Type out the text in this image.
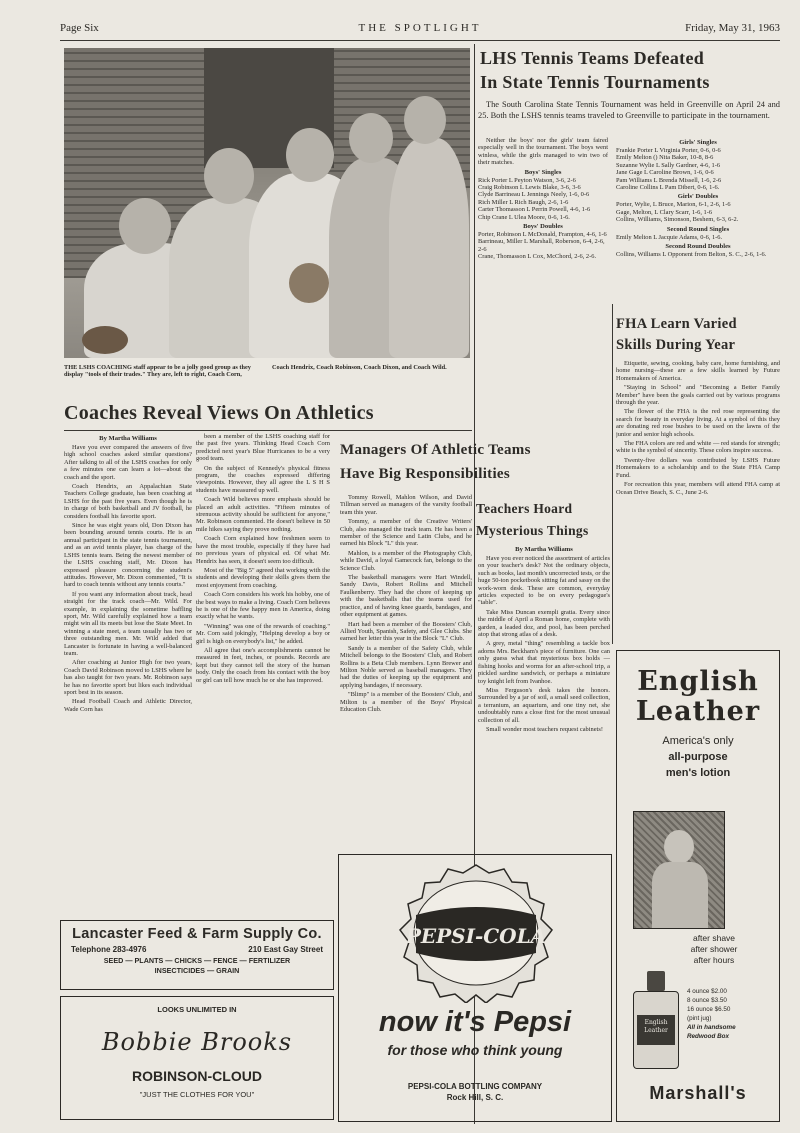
Page Six	THE SPOTLIGHT	Friday, May 31, 1963
THE LSHS COACHING staff appear to be a jolly good group as they display "tools of their trades." They are, left to right, Coach Corn,
Coach Hendrix, Coach Robinson, Coach Dixon, and Coach Wild.
LHS Tennis Teams Defeated
In State Tennis Tournaments

The South Carolina State Tennis Tournament was held in Greenville on April 24 and 25. Both the LSHS tennis teams traveled to Greenville to participate in the tournament.

Neither the boys' nor the girls' team faired especially well in the tournament. The boys went winless, while the girls managed to win two of their matches.

Boys' Singles
Rick Porter L Peyton Watson, 3-6, 2-6
Craig Robinson L Lewis Blake, 3-6, 3-6
Clyde Barrineau L Jennings Neely, 1-6, 0-6
Rich Miller L Rich Baugh, 2-6, 1-6
Carter Thomasson L Perrin Powell, 4-6, 1-6
Chip Crane L Ulea Moore, 0-6, 1-6.
Boys' Doubles
Porter, Robinson L McDonald, Frampton, 4-6, 1-6
Barrineau, Miller L Marshall, Roberson, 6-4, 2-6, 2-6
Crane, Thomasson L Cox, McChord, 2-6, 2-6.
Girls' Singles
Frankie Porter L Virginia Porter, 0-6, 0-6
Emily Melton () Nita Baker, 10-8, 8-6
Suzanne Wylie L Sally Gardner, 4-6, 1-6
Jane Gage L Caroline Brown, 1-6, 0-6
Pam Williams L Brenda Missell, 1-6, 2-6
Caroline Collins L Pam Dibert, 0-6, 1-6.
Girls' Doubles
Porter, Wylie, L Bruce, Marion, 6-1, 2-6, 1-6
Gage, Melton, L Clary Scarr, 1-6, 1-6
Collins, Williams, Simonson, Beshem, 6-3, 6-2.
Second Round Singles
Emily Melton L Jacquie Adams, 0-6, 1-6.
Second Round Doubles
Collins, Williams L Opponent from Belton, S. C., 2-6, 1-6.
FHA Learn Varied
Skills During Year

Etiquette, sewing, cooking, baby care, home furnishing, and home nursing—these are a few skills learned by Future Homemakers of America.

"Staying in School" and "Becoming a Better Family Member" have been the goals carried out by various programs through the year.

The flower of the FHA is the red rose representing the search for beauty in everyday living. At a symbol of this they are donating red rose bushes to be used on the lawns of the junior and senior high schools.

The FHA colors are red and white — red stands for strength; white is the symbol of sincerity. These colors inspire success.

Twenty-five dollars was contributed by LSHS Future Homemakers to a scholarship and to the State FHA Camp Fund.

For recreation this year, members will attend FHA camp at Ocean Drive Beach, S. C., June 2-6.

Coaches Reveal Views On Athletics
By Martha Williams

Have you ever compared the answers of five high school coaches asked similar questions? After talking to all of the LSHS coaches for only a few minutes one can learn a lot—about the coach and the sport.

Coach Hendrix, an Appalachian State Teachers College graduate, has been coaching at LSHS for the past five years. Even though he is in charge of both basketball and JV football, he considers football his favorite sport.

Since he was eight years old, Don Dixon has been bounding around tennis courts. He is an annual participant in the state tennis tournament, and as an avid tennis player, has charge of the LSHS tennis team. Being the newest member of the LSHS coaching staff, Mr. Dixon has expressed pleasure concerning the student's attitudes. However, Mr. Dixon commented, "It is hard to coach tennis without any tennis courts."

If you want any information about track, head straight for the track coach—Mr. Wild. For example, in explaining the sometime baffling sport, Mr. Wild carefully explained how a team might win all its meets but lose the State Meet. In winning a state meet, a team usually has two or three outstanding men. Mr. Wild added that Lancaster is fortunate in having a well-balanced team.

After coaching at Junior High for two years, Coach David Robinson moved to LSHS where he has also taught for two years. Mr. Robinson says he has no favorite sport but likes each individual sport best in its season.

Head Football Coach and Athletic Director, Wade Corn has

been a member of the LSHS coaching staff for the past five years. Thinking Head Coach Corn predicted next year's Blue Hurricanes to be a very good team.

On the subject of Kennedy's physical fitness program, the coaches expressed differing viewpoints. However, they all agree the L S H S students have measured up well.

Coach Wild believes more emphasis should be placed an adult activities. "Fifteen minutes of strenuous activity should be sufficient for anyone," Mr. Robinson commented. He doesn't believe in 50 mile hikes saying they prove nothing.

Coach Corn explained how freshmen seem to have the most trouble, especially if they have had no previous years of physical ed. Of what Mr. Hendrix has seen, it doesn't seem too difficult.

Most of the "Big 5" agreed that working with the students and developing their skills gives them the most enjoyment from coaching.

Coach Corn considers his work his hobby, one of the best ways to make a living. Coach Corn believes he is one of the few happy men in America, doing exactly what he wants.

"Winning" was one of the rewards of coaching." Mr. Corn said jokingly, "Helping develop a boy or girl is high on everybody's list," he added.

All agree that one's accomplishments cannot be measured in feet, inches, or pounds. Records are kept but they cannot tell the story of the human body. Only the coach from his contact with the boy or girl can tell how much he or she has improved.

Managers Of Athletic Teams
Have Big Responsibilities

Tommy Rowell, Mahlon Wilson, and David Tillman served as managers of the varsity football team this year.

Tommy, a member of the Creative Writers' Club, also managed the track team. He has been a member of the Science and Latin Clubs, and he earned his Block "L" this year.

Mahlon, is a member of the Photography Club, while David, a loyal Gamecock fan, belongs to the Science Club.

The basketball managers were Hart Windell, Sandy Davis, Robert Rollins and Mitchell Faulkenberry. They had the chore of keeping up with the basketballs that the teams used for practice, and of having knee guards, bandages, and other equipment at games.

Hart had been a member of the Boosters' Club, Allied Youth, Spanish, Safety, and Glee Clubs. She earned her letter this year in the Block "L" Club.

Sandy is a member of the Safety Club, while Mitchell belongs to the Boosters' Club, and Robert Rollins is a Beta Club members. Lynn Brewer and Milton Noble served as baseball managers. They had the duties of keeping up the equipment and applying bandages, if necessary.

"Blimp" is a member of the Boosters' Club, and Milton is a member of the Boys' Physical Education Club.

Teachers Hoard
Mysterious Things
By Martha Williams

Have you ever noticed the assortment of articles on your teacher's desk? Not the ordinary objects, such as books, last month's uncorrected tests, or the huge 50-ton pocketbook sitting fat and sassy on the work-worn desk. These are common, everyday articles expected to be on every pedagogue's "table".

Take Miss Duncan exempli gratia. Every since the middle of April a Roman home, complete with garden, a leaded doz, and pool, has been perched atop that strong atlas of a desk.

A grey, metal "thing" resembling a tackle box adorns Mrs. Beckham's piece of furniture. One can only guess what that mysterious box holds — fishing hooks and worms for an after-school trip, a pickled sardine sandwich, or perhaps a miniature toy knight left from Ivanhoe.

Miss Ferguson's desk takes the honors. Surrounded by a jar of soil, a small seed collection, a terranium, an aquarium, and one tiny net, she undoubtably runs a close first for the most unusual collection of all.

Small wonder most teachers request cabinets!

Lancaster Feed & Farm Supply Co.
Telephone 283-4976	210 East Gay Street
SEED — PLANTS — CHICKS — FENCE — FERTILIZER
INSECTICIDES — GRAIN
LOOKS UNLIMITED IN
Bobbie Brooks
ROBINSON-CLOUD
"JUST THE CLOTHES FOR YOU"
PEPSI-COLA
now it's Pepsi
for those who think young
PEPSI-COLA BOTTLING COMPANY
Rock Hill, S. C.
English
Leather
America's only
all-purpose
men's lotion
after shave
after shower
after hours
English Leather
4 ounce $2.00
8 ounce $3.50
16 ounce $6.50
(pint jug)
All in handsome
Redwood Box
Marshall's
